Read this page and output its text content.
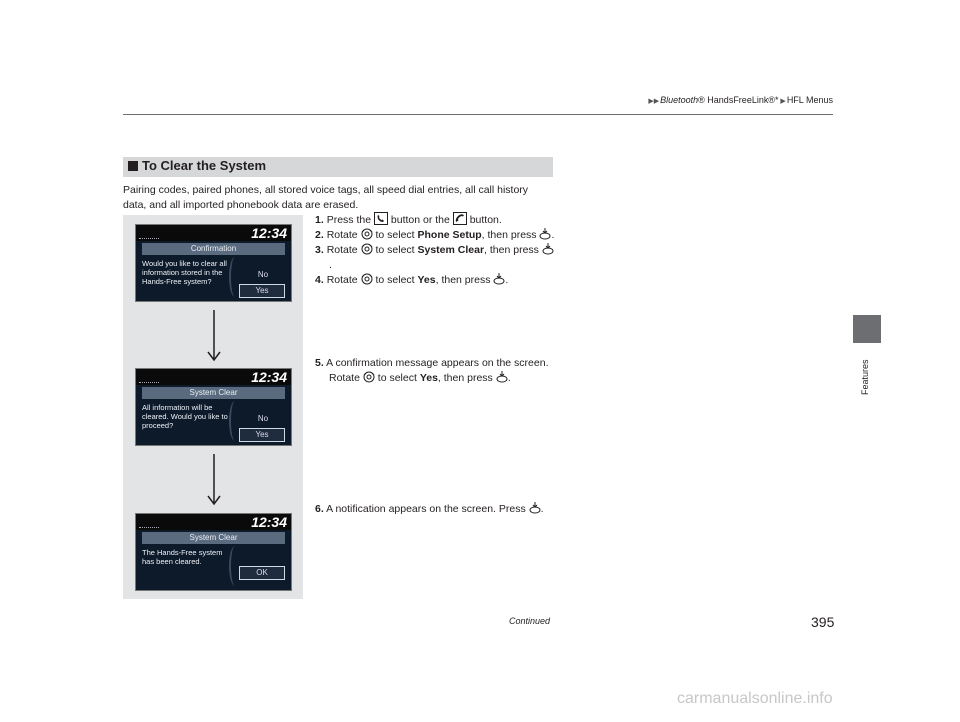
▶▶Bluetooth® HandsFreeLink®* ▶HFL Menus
Features
To Clear the System
Pairing codes, paired phones, all stored voice tags, all speed dial entries, all call history data, and all imported phonebook data are erased.
12:34
Confirmation
Would you like to clear all information stored in the Hands-Free system?
No
Yes
12:34
System Clear
All information will be cleared. Would you like to proceed?
No
Yes
12:34
System Clear
The Hands-Free system has been cleared.
OK

1. Press the button or the button.

2. Rotate to select Phone Setup, then press .

3. Rotate to select System Clear, then press .

4. Rotate to select Yes, then press .

5. A confirmation message appears on the screen. Rotate to select Yes, then press .

6. A notification appears on the screen. Press .

Continued	395
carmanualsonline.info
